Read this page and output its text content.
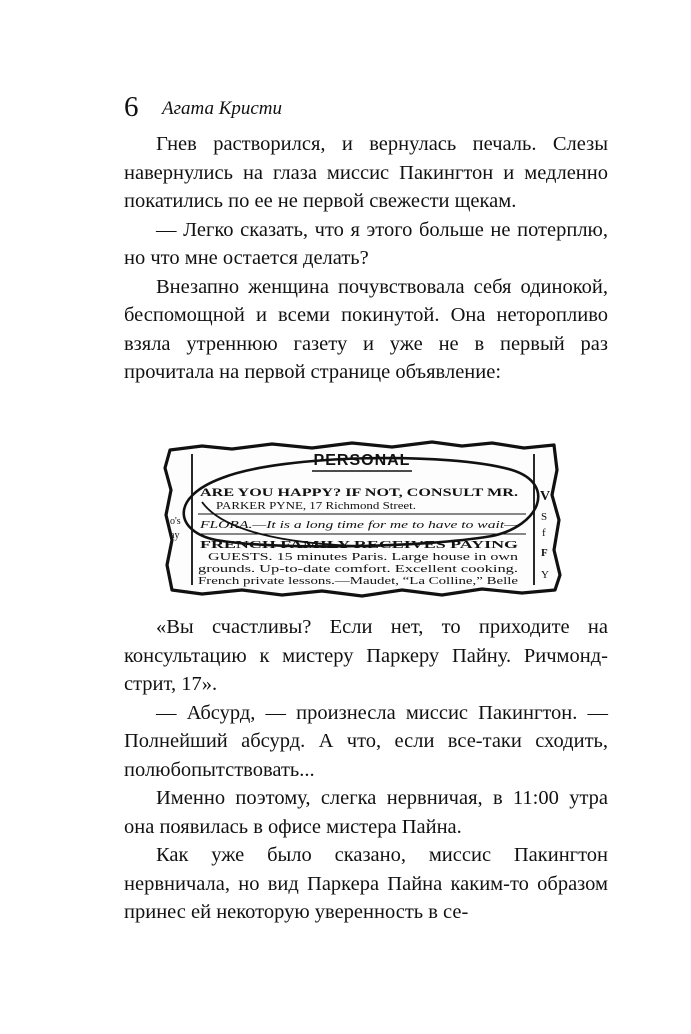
6 Агата Кристи

Гнев растворился, и вернулась печаль. Слезы навернулись на глаза миссис Пакингтон и медленно покатились по ее не первой свежести щекам.

— Легко сказать, что я этого больше не потерплю, но что мне остается делать?

Внезапно женщина почувствовала себя одинокой, беспомощной и всеми покинутой. Она неторопливо взяла утреннюю газету и уже не в первый раз прочитала на первой странице объявление:

PERSONAL
ARE YOU HAPPY? IF NOT, CONSULT MR.
PARKER PYNE, 17 Richmond Street.
FLORA.—It is a long time for me to have to wait—
FRENCH FAMILY RECEIVES PAYING
GUESTS. 15 minutes Paris. Large house in own
grounds. Up-to-date comfort. Excellent cooking.
French private lessons.—Maudet, “La Colline,” Belle
o's
ay
V
S
f
F
Y

«Вы счастливы? Если нет, то приходите на консультацию к мистеру Паркеру Пайну. Ричмонд-стрит, 17».

— Абсурд, — произнесла миссис Пакингтон. — Полнейший абсурд. А что, если все-таки сходить, полюбопытствовать...

Именно поэтому, слегка нервничая, в 11:00 утра она появилась в офисе мистера Пайна.

Как уже было сказано, миссис Пакингтон нервничала, но вид Паркера Пайна каким-то образом принес ей некоторую уверенность в се-
